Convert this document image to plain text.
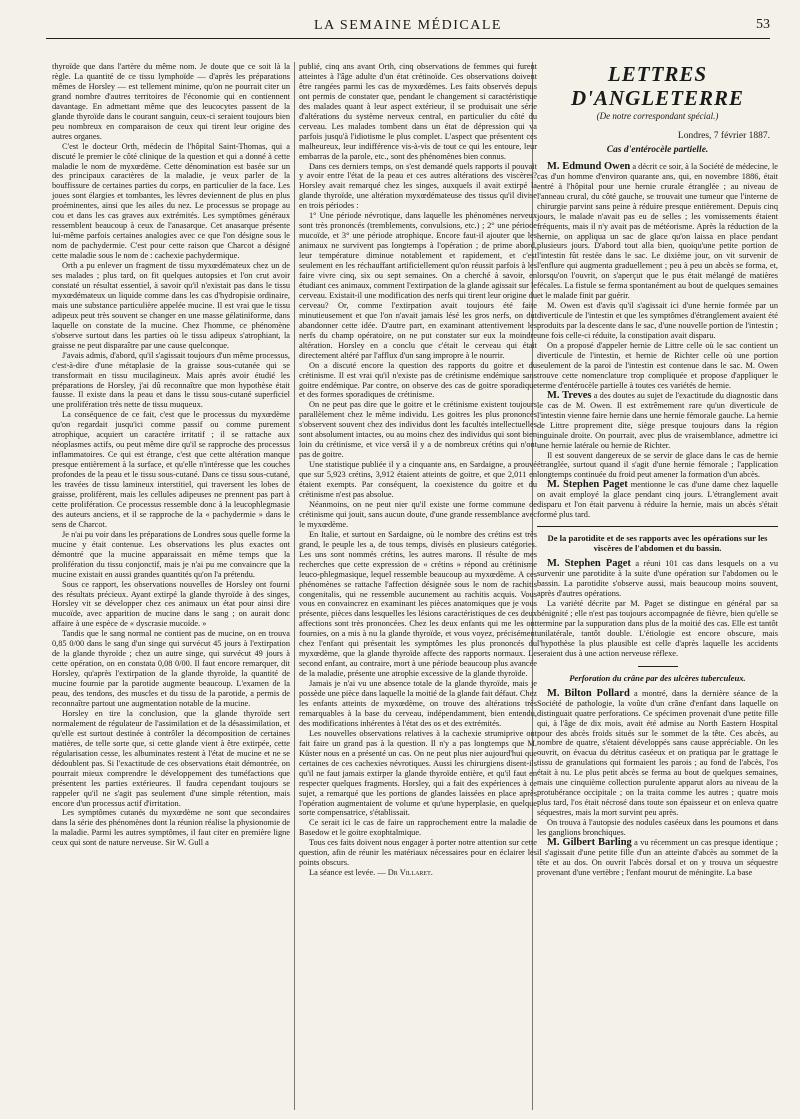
LA SEMAINE MÉDICALE	53

thyroïde que dans l'artère du même nom. Je doute que ce soit là la règle. La quantité de ce tissu lymphoïde — d'après les préparations mêmes de Horsley — est tellement minime, qu'on ne pourrait citer un grand nombre d'autres territoires de l'économie qui en contiennent davantage. En admettant même que des leucocytes passent de la glande thyroïde dans le courant sanguin, ceux-ci seraient toujours bien peu nombreux en comparaison de ceux qui tirent leur origine des autres organes.

C'est le docteur Orth, médecin de l'hôpital Saint-Thomas, qui a discuté le premier le côté clinique de la question et qui a donné à cette maladie le nom de myxœdème. Cette dénomination est basée sur un des principaux caractères de la maladie, je veux parler de la bouffissure de certaines parties du corps, en particulier de la face. Les joues sont élargies et tombantes, les lèvres deviennent de plus en plus proéminentes, ainsi que les ailes du nez. Le processus se propage au cou et dans les cas graves aux extrémités. Les symptômes généraux ressemblent beaucoup à ceux de l'anasarque. Cet anasarque présente lui-même parfois certaines analogies avec ce que l'on désigne sous le nom de pachydermie. C'est pour cette raison que Charcot a désigné cette maladie sous le nom de : cachexie pachydermique.

Orth a pu enlever un fragment de tissu myxœdémateux chez un de ses malades ; plus tard, on fit quelques autopsies et l'on crut avoir constaté un résultat essentiel, à savoir qu'il n'existait pas dans le tissu myxœdémateux un liquide comme dans les cas d'hydropisie ordinaire, mais une substance particulière appelée mucine. Il est vrai que le tissu adipeux peut très souvent se changer en une masse gélatiniforme, dans laquelle on constate de la mucine. Chez l'homme, ce phénomène s'observe surtout dans les parties où le tissu adipeux s'atrophiant, la graisse ne peut disparaître par une cause quelconque.

J'avais admis, d'abord, qu'il s'agissait toujours d'un même processus, c'est-à-dire d'une métaplasie de la graisse sous-cutanée qui se transformait en tissu mucilagineux. Mais après avoir étudié les préparations de Horsley, j'ai dû reconnaître que mon hypothèse était fausse. Il existe dans la peau et dans le tissu sous-cutané superficiel une prolifération très nette de tissu muqueux.

La conséquence de ce fait, c'est que le processus du myxœdème qu'on regardait jusqu'ici comme passif ou comme purement atrophique, acquiert un caractère irritatif ; il se rattache aux néoplasmes actifs, ou peut même dire qu'il se rapproche des processus inflammatoires. Ce qui est étrange, c'est que cette altération manque presque entièrement à la surface, et qu'elle n'intéresse que les couches profondes de la peau et le tissu sous-cutané. Dans ce tissu sous-cutané, les travées de tissu lamineux interstitiel, qui traversent les lobes de graisse, prolifèrent, mais les cellules adipeuses ne prennent pas part à cette prolifération. Ce processus ressemble donc à la leucophlegmasie des auteurs anciens, et il se rapproche de la « pachydermie » dans le sens de Charcot.

Je n'ai pu voir dans les préparations de Londres sous quelle forme la mucine y était contenue. Les observations les plus exactes ont démontré que la mucine apparaissait en même temps que la prolifération du tissu conjonctif, mais je n'ai pu me convaincre que la mucine existait en aussi grandes quantités qu'on l'a prétendu.

Sous ce rapport, les observations nouvelles de Horsley ont fourni des résultats précieux. Ayant extirpé la glande thyroïde à des singes, Horsley vit se développer chez ces animaux un état pour ainsi dire mucoïde, avec apparition de mucine dans le sang ; on aurait donc affaire à une espèce de « dyscrasie mucoïde. »

Tandis que le sang normal ne contient pas de mucine, on en trouva 0,85 0/00 dans le sang d'un singe qui survécut 45 jours à l'extirpation de la glande thyroïde ; chez un autre singe, qui survécut 49 jours à cette opération, on en constata 0,08 0/00. Il faut encore remarquer, dit Horsley, qu'après l'extirpation de la glande thyroïde, la quantité de mucine fournie par la parotide augmente beaucoup. L'examen de la peau, des tendons, des muscles et du tissu de la parotide, a permis de reconnaître partout une augmentation notable de la mucine.

Horsley en tire la conclusion, que la glande thyroïde sert normalement de régulateur de l'assimilation et de la désassimilation, et qu'elle est surtout destinée à contrôler la décomposition de certaines matières, de telle sorte que, si cette glande vient à être extirpée, cette régularisation cesse, les albuminates restent à l'état de mucine et ne se dédoublent pas. Si l'exactitude de ces observations était démontrée, on pourrait mieux comprendre le développement des tuméfactions que présentent les parties extérieures. Il faudra cependant toujours se rappeler qu'il ne s'agit pas seulement d'une simple rétention, mais encore d'un processus actif d'irritation.

Les symptômes cutanés du myxœdème ne sont que secondaires dans la série des phénomènes dont la réunion réalise la physionomie de la maladie. Parmi les autres symptômes, il faut citer en première ligne ceux qui sont de nature nerveuse. Sir W. Gull a

publié, cinq ans avant Orth, cinq observations de femmes qui furent atteintes à l'âge adulte d'un état crétinoïde. Ces observations doivent être rangées parmi les cas de myxœdèmes. Les faits observés depuis ont permis de constater que, pendant le changement si caractéristique des malades quant à leur aspect extérieur, il se produisait une série d'altérations du système nerveux central, en particulier du côté du cerveau. Les malades tombent dans un état de dépression qui va parfois jusqu'à l'idiotisme le plus complet. L'aspect que présentent ces malheureux, leur indifférence vis-à-vis de tout ce qui les entoure, leur embarras de la parole, etc., sont des phénomènes bien connus.

Dans ces derniers temps, on s'est demandé quels rapports il pouvait y avoir entre l'état de la peau et ces autres altérations des viscères? Horsley avait remarqué chez les singes, auxquels il avait extirpé la glande thyroïde, une altération myxœdémateuse des tissus qu'il divise en trois périodes :

1° Une période névrotique, dans laquelle les phénomènes nerveux sont très prononcés (tremblements, convulsions, etc.) ; 2° une période mucoïde, et 3° une période atrophique. Encore faut-il ajouter que les animaux ne survivent pas longtemps à l'opération ; de prime abord, leur température diminue notablement et rapidement, et c'est seulement en les réchauffant artificiellement qu'on réussit parfois à les faire vivre cinq, six ou sept semaines. On a cherché à savoir, en étudiant ces animaux, comment l'extirpation de la glande agissait sur le cerveau. Existait-il une modification des nerfs qui tirent leur origine du cerveau? Or, comme l'extirpation avait toujours été faite minutieusement et que l'on n'avait jamais lésé les gros nerfs, on dut abandonner cette idée. D'autre part, en examinant attentivement les nerfs du champ opératoire, on ne put constater sur eux la moindre altération. Horsley en a conclu que c'était le cerveau qui était directement altéré par l'afflux d'un sang impropre à le nourrir.

On a discuté encore la question des rapports du goitre et du crétinisme. Il est vrai qu'il n'existe pas de crétinisme endémique sans goitre endémique. Par contre, on observe des cas de goitre sporadique et des formes sporadiques de crétinisme.

On ne peut pas dire que le goitre et le crétinisme existent toujours parallèlement chez le même individu. Les goitres les plus prononcés s'observent souvent chez des individus dont les facultés intellectuelles sont absolument intactes, ou au moins chez des individus qui sont bien loin du crétinisme, et vice versâ il y a de nombreux crétins qui n'ont pas de goitre.

Une statistique publiée il y a cinquante ans, en Sardaigne, a prouvé que sur 5,923 crétins, 3,912 étaient atteints de goitre, et que 2,011 en étaient exempts. Par conséquent, la coexistence du goitre et du crétinisme n'est pas absolue.

Néanmoins, on ne peut nier qu'il existe une forme commune de crétinisme qui jouit, sans aucun doute, d'une grande ressemblance avec le myxœdème.

En Italie, et surtout en Sardaigne, où le nombre des crétins est très grand, le peuple les a, de tous temps, divisés en plusieurs catégories. Les uns sont nommés crétins, les autres marons. Il résulte de mes recherches que cette expression de « crétins » répond au crétinisme leuco-phlegmasique, lequel ressemble beaucoup au myxœdème. A ces phénomènes se rattache l'affection désignée sous le nom de rachitis congenitalis, qui ne ressemble aucunement au rachitis acquis. Vous vous en convaincrez en examinant les pièces anatomiques que je vous présente, pièces dans lesquelles les lésions caractéristiques de ces deux affections sont très prononcées. Chez les deux enfants qui me les ont fournies, on a mis à nu la glande thyroïde, et vous voyez, précisément chez l'enfant qui présentait les symptômes les plus prononcés du myxœdème, que la glande thyroïde affecte des rapports normaux. Le second enfant, au contraire, mort à une période beaucoup plus avancée de la maladie, présente une atrophie excessive de la glande thyroïde.

Jamais je n'ai vu une absence totale de la glande thyroïde, mais je possède une pièce dans laquelle la moitié de la glande fait défaut. Chez les enfants atteints de myxœdème, on trouve des altérations très remarquables à la base du cerveau, indépendamment, bien entendu, des modifications inhérentes à l'état des os et des extrémités.

Les nouvelles observations relatives à la cachexie strumiprive ont fait faire un grand pas à la question. Il n'y a pas longtemps que M. Küster nous en a présenté un cas. On ne peut plus nier aujourd'hui que certaines de ces cachexies névrotiques. Aussi les chirurgiens disent-ils qu'il ne faut jamais extirper la glande thyroïde entière, et qu'il faut en respecter quelques fragments. Horsley, qui a fait des expériences à ce sujet, a remarqué que les portions de glandes laissées en place après l'opération augmentaient de volume et qu'une hyperplasie, en quelque sorte compensatrice, s'établissait.

Ce serait ici le cas de faire un rapprochement entre la maladie de Basedow et le goitre exophtalmique.

Tous ces faits doivent nous engager à porter notre attention sur cette question, afin de réunir les matériaux nécessaires pour en éclairer les points obscurs.

La séance est levée. — Dr Villaret.

LETTRES D'ANGLETERRE
(De notre correspondant spécial.)
Londres, 7 février 1887.
Cas d'entérocèle partielle.

M. Edmund Owen a décrit ce soir, à la Société de médecine, le cas d'un homme d'environ quarante ans, qui, en novembre 1886, était entré à l'hôpital pour une hernie crurale étranglée ; au niveau de l'anneau crural, du côté gauche, se trouvait une tumeur que l'interne de chirurgie parvint sans peine à réduire presque entièrement. Depuis cinq jours, le malade n'avait pas eu de selles ; les vomissements étaient fréquents, mais il n'y avait pas de météorisme. Après la réduction de la hernie, on appliqua un sac de glace qu'on laissa en place pendant plusieurs jours. D'abord tout alla bien, quoiqu'une petite portion de l'intestin fût restée dans le sac. Le dixième jour, on vit survenir de l'enflure qui augmenta graduellement ; peu à peu un abcès se forma, et, lorsqu'on l'ouvrit, on s'aperçut que le pus était mélangé de matières fécales. La fistule se ferma spontanément au bout de quelques semaines et le malade finit par guérir.

M. Owen est d'avis qu'il s'agissait ici d'une hernie formée par un diverticule de l'intestin et que les symptômes d'étranglement avaient été produits par la descente dans le sac, d'une nouvelle portion de l'intestin ; une fois celle-ci réduite, la constipation avait disparu.

On a proposé d'appeler hernie de Littre celle où le sac contient un diverticule de l'intestin, et hernie de Richter celle où une portion seulement de la paroi de l'intestin est contenue dans le sac. M. Owen trouve cette nomenclature trop compliquée et propose d'appliquer le terme d'entérocèle partielle à toutes ces variétés de hernie.

M. Treves a des doutes au sujet de l'exactitude du diagnostic dans le cas de M. Owen. Il est extrêmement rare qu'un diverticule de l'intestin vienne faire hernie dans une hernie fémorale gauche. La hernie de Littre proprement dite, siège presque toujours dans la région inguinale droite. On pourrait, avec plus de vraisemblance, admettre ici une hernie latérale ou hernie de Richter.

Il est souvent dangereux de se servir de glace dans le cas de hernie étranglée, surtout quand il s'agit d'une hernie fémorale ; l'application longtemps continuée du froid peut amener la formation d'un abcès.

M. Stephen Paget mentionne le cas d'une dame chez laquelle on avait employé la glace pendant cinq jours. L'étranglement avait disparu et l'on était parvenu à réduire la hernie, mais un abcès s'était formé plus tard.

De la parotidite et de ses rapports avec les opérations sur les viscères de l'abdomen et du bassin.

M. Stephen Paget a réuni 101 cas dans lesquels on a vu survenir une parotidite à la suite d'une opération sur l'abdomen ou le bassin. La parotidite s'observe aussi, mais beaucoup moins souvent, après d'autres opérations.

La variété décrite par M. Paget se distingue en général par sa bénignité ; elle n'est pas toujours accompagnée de fièvre, bien qu'elle se termine par la suppuration dans plus de la moitié des cas. Elle est tantôt unilatérale, tantôt double. L'étiologie est encore obscure, mais l'hypothèse la plus plausible est celle d'après laquelle les accidents seraient dus à une action nerveuse réflexe.

Perforation du crâne par des ulcères tuberculeux.

M. Bilton Pollard a montré, dans la dernière séance de la Société de pathologie, la voûte d'un crâne d'enfant dans laquelle on distinguait quatre perforations. Ce spécimen provenait d'une petite fille qui, à l'âge de dix mois, avait été admise au North Eastern Hospital pour des abcès froids situés sur le sommet de la tête. Ces abcès, au nombre de quatre, s'étaient développés sans cause appréciable. On les ouvrit, on évacua du détritus caséeux et on pratiqua par le grattage le tissu de granulations qui formaient les parois ; au fond de l'abcès, l'os était à nu. Le plus petit abcès se ferma au bout de quelques semaines, mais une cinquième collection purulente apparut alors au niveau de la protubérance occipitale ; on la traita comme les autres ; quatre mois plus tard, l'os était nécrosé dans toute son épaisseur et on enleva quatre séquestres, mais la mort survint peu après.

On trouva à l'autopsie des nodules caséeux dans les poumons et dans les ganglions bronchiques.

M. Gilbert Barling a vu récemment un cas presque identique ; il s'agissait d'une petite fille d'un an atteinte d'abcès au sommet de la tête et au dos. On ouvrit l'abcès dorsal et on y trouva un séquestre provenant d'une vertèbre ; l'enfant mourut de méningite. La base
